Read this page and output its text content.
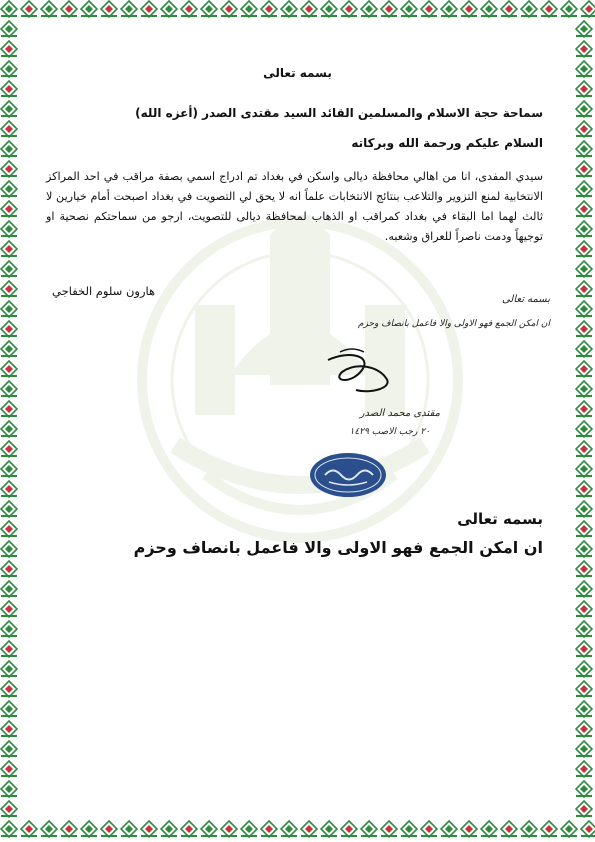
بسمه تعالى
سماحة حجة الاسلام والمسلمين القائد السيد مقتدى الصدر (أعزه الله)
السلام عليكم ورحمة الله وبركاته
سيدي المفدى، انا من اهالي محافظة ديالى واسكن في بغداد تم ادراج اسمي بصفة مراقب في احد المراكز الانتخابية لمنع التزوير والتلاعب بنتائج الانتخابات علماً انه لا يحق لي التصويت في بغداد اصبحت أمام خيارين لا ثالث لهما اما البقاء في بغداد كمراقب او الذهاب لمحافظة ديالى للتصويت، ارجو من سماحتكم نصحية او توجيهاً ودمت ناصراً للعراق وشعبه.
هارون سلوم الخفاجي
بسمه تعالى
ان امكن الجمع فهو الاولى والا فاعمل بانصاف وحزم
مقتدى محمد الصدر
٢٠ رجب الاصب ١٤٢٩
بسمه تعالى
ان امكن الجمع فهو الاولى والا فاعمل بانصاف وحزم
